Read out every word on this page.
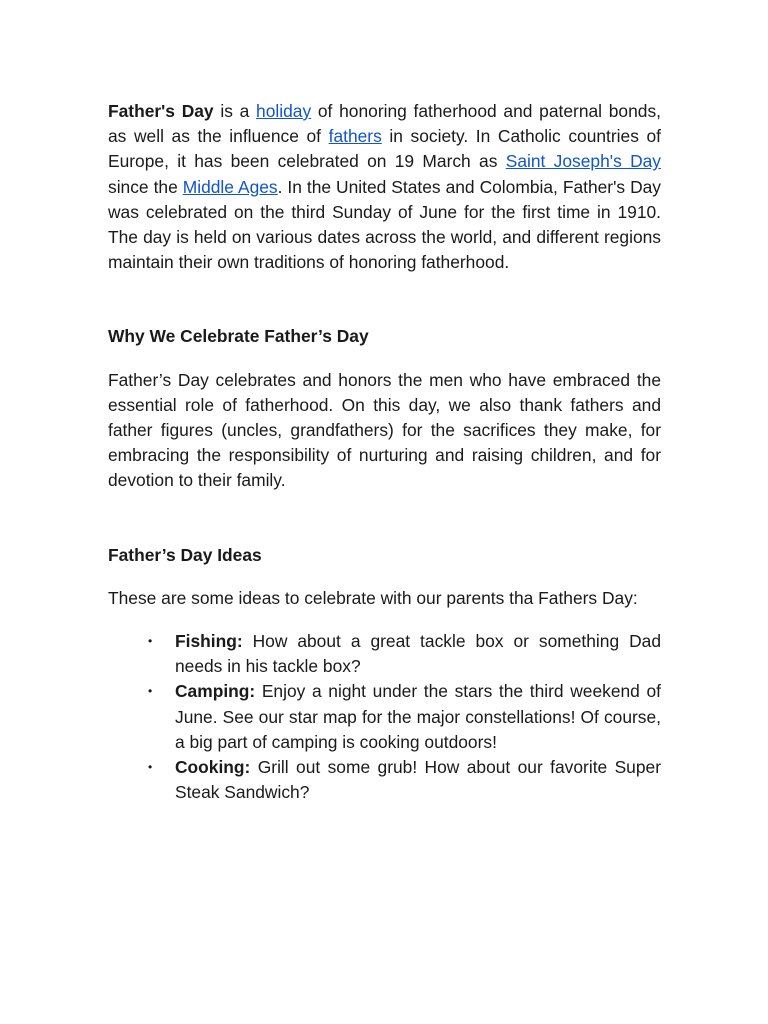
Father's Day is a holiday of honoring fatherhood and paternal bonds, as well as the influence of fathers in society. In Catholic countries of Europe, it has been celebrated on 19 March as Saint Joseph's Day since the Middle Ages. In the United States and Colombia, Father's Day was celebrated on the third Sunday of June for the first time in 1910. The day is held on various dates across the world, and different regions maintain their own traditions of honoring fatherhood.

Why We Celebrate Father’s Day

Father’s Day celebrates and honors the men who have embraced the essential role of fatherhood. On this day, we also thank fathers and father figures (uncles, grandfathers) for the sacrifices they make, for embracing the responsibility of nurturing and raising children, and for devotion to their family.

Father’s Day Ideas

These are some ideas to celebrate with our parents tha Fathers Day:

• Fishing: How about a great tackle box or something Dad needs in his tackle box?
• Camping: Enjoy a night under the stars the third weekend of June. See our star map for the major constellations! Of course, a big part of camping is cooking outdoors!
• Cooking: Grill out some grub! How about our favorite Super Steak Sandwich?
